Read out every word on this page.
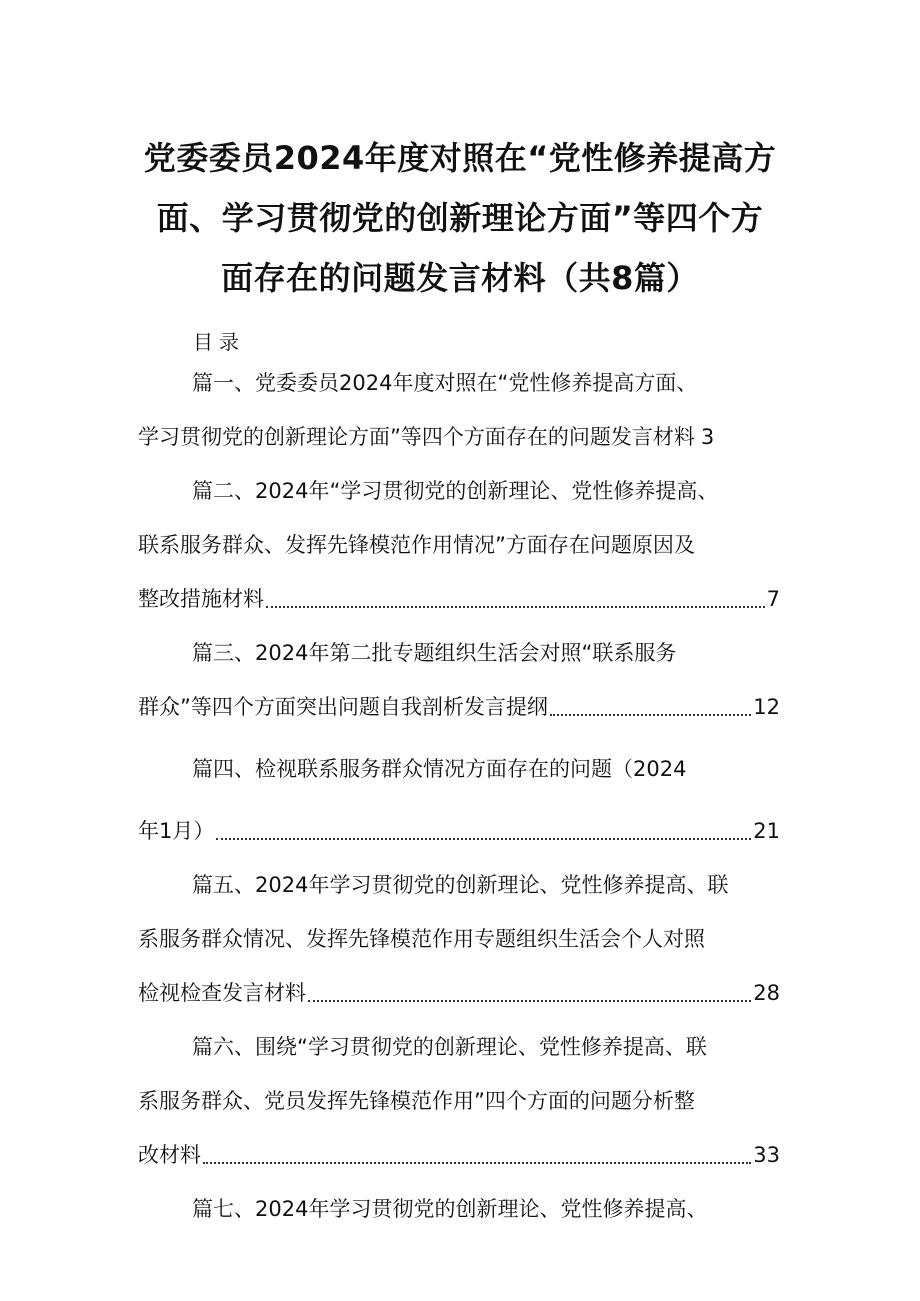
党委委员2024年度对照在“党性修养提高方
面、学习贯彻党的创新理论方面”等四个方
面存在的问题发言材料（共8篇）
目录
篇一、党委委员2024年度对照在“党性修养提高方面、
学习贯彻党的创新理论方面”等四个方面存在的问题发言材料 3
篇二、2024年“学习贯彻党的创新理论、党性修养提高、
联系服务群众、发挥先锋模范作用情况”方面存在问题原因及
整改措施材料	7
篇三、2024年第二批专题组织生活会对照“联系服务
群众”等四个方面突出问题自我剖析发言提纲	12
篇四、检视联系服务群众情况方面存在的问题（2024
年1月）	21
篇五、2024年学习贯彻党的创新理论、党性修养提高、联
系服务群众情况、发挥先锋模范作用专题组织生活会个人对照
检视检查发言材料	28
篇六、围绕“学习贯彻党的创新理论、党性修养提高、联
系服务群众、党员发挥先锋模范作用”四个方面的问题分析整
改材料	33
篇七、2024年学习贯彻党的创新理论、党性修养提高、
